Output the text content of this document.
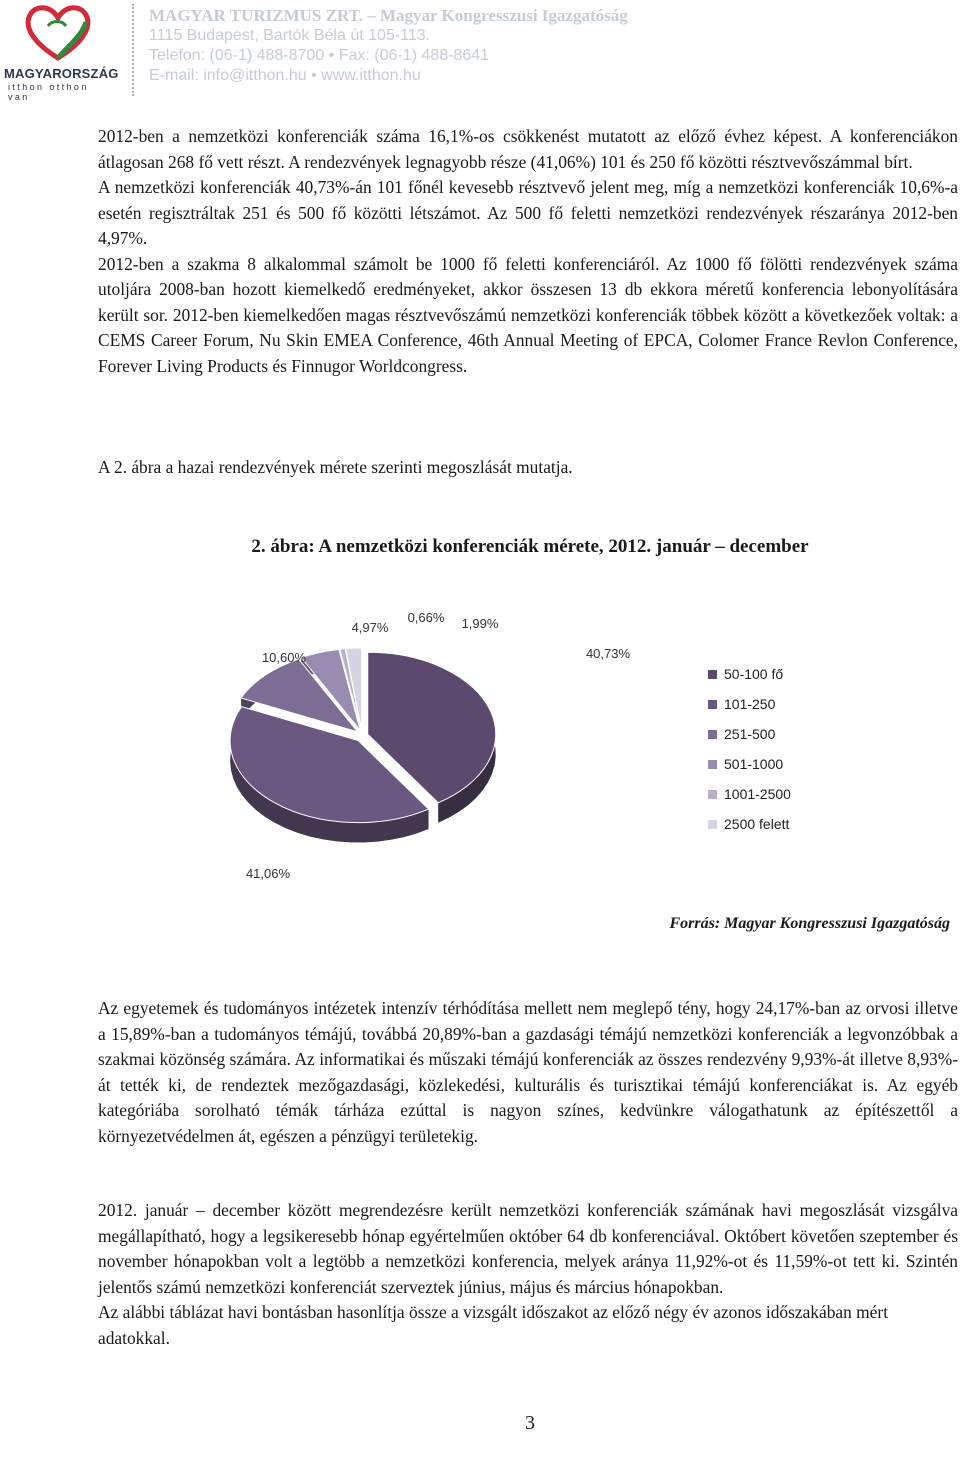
MAGYARORSZÁG
itthon otthon van
MAGYAR TURIZMUS ZRT. – Magyar Kongresszusi Igazgatóság
1115 Budapest, Bartók Béla út 105-113.
Telefon: (06-1) 488-8700 • Fax: (06-1) 488-8641
E-mail: info@itthon.hu • www.itthon.hu

2012-ben a nemzetközi konferenciák száma 16,1%-os csökkenést mutatott az előző évhez képest. A konferenciákon átlagosan 268 fő vett részt. A rendezvények legnagyobb része (41,06%) 101 és 250 fő közötti résztvevőszámmal bírt.

A nemzetközi konferenciák 40,73%-án 101 főnél kevesebb résztvevő jelent meg, míg a nemzetközi konferenciák 10,6%-a esetén regisztráltak 251 és 500 fő közötti létszámot. Az 500 fő feletti nemzetközi rendezvények részaránya 2012-ben 4,97%.

2012-ben a szakma 8 alkalommal számolt be 1000 fő feletti konferenciáról. Az 1000 fő fölötti rendezvények száma utoljára 2008-ban hozott kiemelkedő eredményeket, akkor összesen 13 db ekkora méretű konferencia lebonyolítására került sor. 2012-ben kiemelkedően magas résztvevőszámú nemzetközi konferenciák többek között a következőek voltak: a CEMS Career Forum, Nu Skin EMEA Conference, 46th Annual Meeting of EPCA, Colomer France Revlon Conference, Forever Living Products és Finnugor Worldcongress.

A 2. ábra a hazai rendezvények mérete szerinti megoszlását mutatja.

2. ábra: A nemzetközi konferenciák mérete, 2012. január – december
40,73%
41,06%
10,60%
4,97%
0,66% 1,99%
50-100 fő
101-250
251-500
501-1000
1001-2500
2500 felett
Forrás: Magyar Kongresszusi Igazgatóság

Az egyetemek és tudományos intézetek intenzív térhódítása mellett nem meglepő tény, hogy 24,17%-ban az orvosi illetve a 15,89%-ban a tudományos témájú, továbbá 20,89%-ban a gazdasági témájú nemzetközi konferenciák a legvonzóbbak a szakmai közönség számára. Az informatikai és műszaki témájú konferenciák az összes rendezvény 9,93%-át illetve 8,93%-át tették ki, de rendeztek mezőgazdasági, közlekedési, kulturális és turisztikai témájú konferenciákat is. Az egyéb kategóriába sorolható témák tárháza ezúttal is nagyon színes, kedvünkre válogathatunk az építészettől a környezetvédelmen át, egészen a pénzügyi területekig.

2012. január – december között megrendezésre került nemzetközi konferenciák számának havi megoszlását vizsgálva megállapítható, hogy a legsikeresebb hónap egyértelműen október 64 db konferenciával. Októbert követően szeptember és november hónapokban volt a legtöbb a nemzetközi konferencia, melyek aránya 11,92%-ot és 11,59%-ot tett ki. Szintén jelentős számú nemzetközi konferenciát szerveztek június, május és március hónapokban.

Az alábbi táblázat havi bontásban hasonlítja össze a vizsgált időszakot az előző négy év azonos időszakában mért adatokkal.

3
